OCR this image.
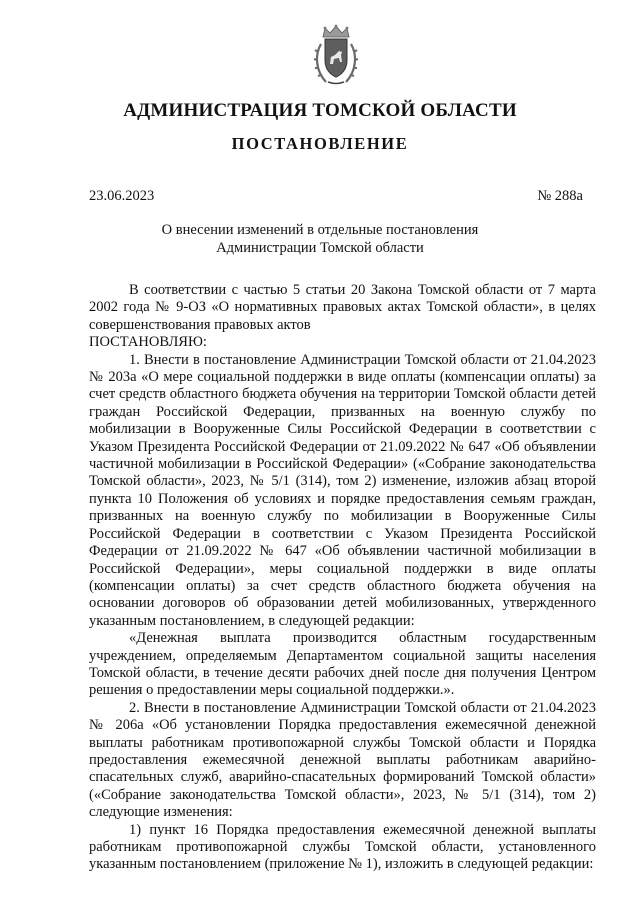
АДМИНИСТРАЦИЯ ТОМСКОЙ ОБЛАСТИ
ПОСТАНОВЛЕНИЕ
23.06.2023	№ 288а
О внесении изменений в отдельные постановления
Администрации Томской области

В соответствии с частью 5 статьи 20 Закона Томской области от 7 марта 2002 года № 9-ОЗ «О нормативных правовых актах Томской области», в целях совершенствования правовых актов

ПОСТАНОВЛЯЮ:

1. Внести в постановление Администрации Томской области от 21.04.2023 № 203а «О мере социальной поддержки в виде оплаты (компенсации оплаты) за счет средств областного бюджета обучения на территории Томской области детей граждан Российской Федерации, призванных на военную службу по мобилизации в Вооруженные Силы Российской Федерации в соответствии с Указом Президента Российской Федерации от 21.09.2022 № 647 «Об объявлении частичной мобилизации в Российской Федерации» («Собрание законодательства Томской области», 2023, № 5/1 (314), том 2) изменение, изложив абзац второй пункта 10 Положения об условиях и порядке предоставления семьям граждан, призванных на военную службу по мобилизации в Вооруженные Силы Российской Федерации в соответствии с Указом Президента Российской Федерации от 21.09.2022 № 647 «Об объявлении частичной мобилизации в Российской Федерации», меры социальной поддержки в виде оплаты (компенсации оплаты) за счет средств областного бюджета обучения на основании договоров об образовании детей мобилизованных, утвержденного указанным постановлением, в следующей редакции:

«Денежная выплата производится областным государственным учреждением, определяемым Департаментом социальной защиты населения Томской области, в течение десяти рабочих дней после дня получения Центром решения о предоставлении меры социальной поддержки.».

2. Внести в постановление Администрации Томской области от 21.04.2023 № 206а «Об установлении Порядка предоставления ежемесячной денежной выплаты работникам противопожарной службы Томской области и Порядка предоставления ежемесячной денежной выплаты работникам аварийно-спасательных служб, аварийно-спасательных формирований Томской области» («Собрание законодательства Томской области», 2023, № 5/1 (314), том 2) следующие изменения:

1) пункт 16 Порядка предоставления ежемесячной денежной выплаты работникам противопожарной службы Томской области, установленного указанным постановлением (приложение № 1), изложить в следующей редакции:
